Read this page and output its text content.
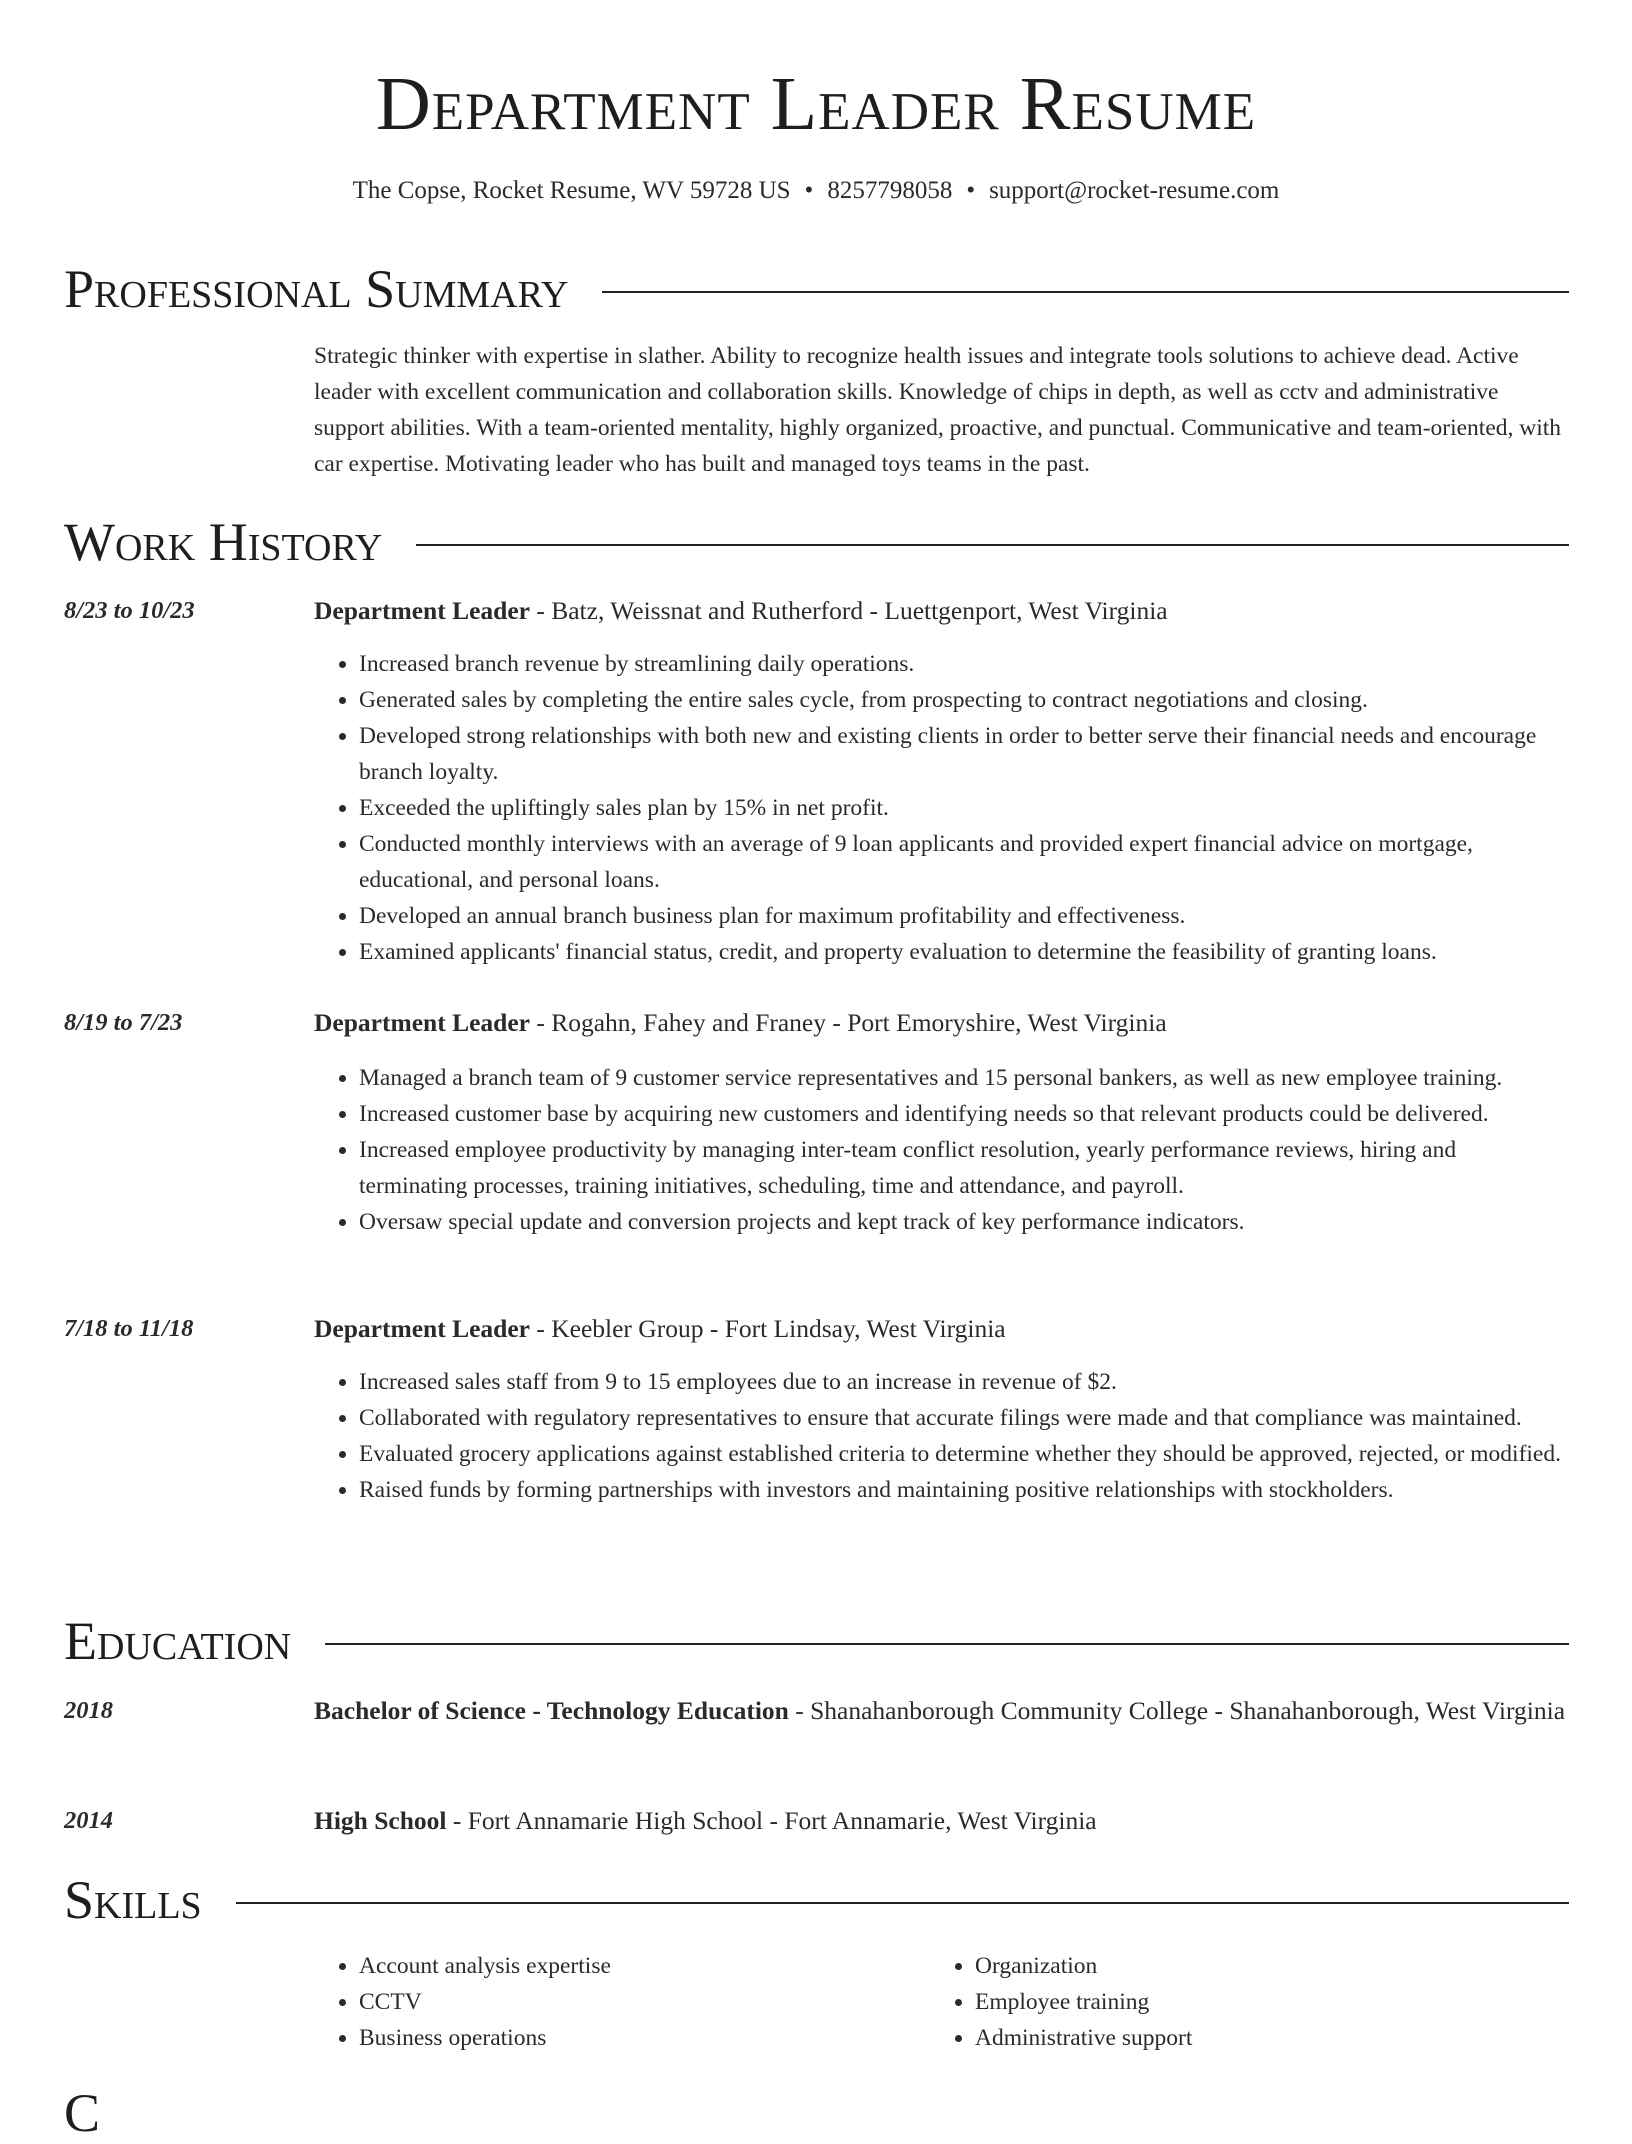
Department Leader Resume
The Copse, Rocket Resume, WV 59728 US • 8257798058 • support@rocket-resume.com
Professional Summary

Strategic thinker with expertise in slather. Ability to recognize health issues and integrate tools solutions to achieve dead. Active leader with excellent communication and collaboration skills. Knowledge of chips in depth, as well as cctv and administrative support abilities. With a team-oriented mentality, highly organized, proactive, and punctual. Communicative and team-oriented, with car expertise. Motivating leader who has built and managed toys teams in the past.

Work History
8/23 to 10/23	Department Leader - Batz, Weissnat and Rutherford - Luettgenport, West Virginia
• Increased branch revenue by streamlining daily operations.
• Generated sales by completing the entire sales cycle, from prospecting to contract negotiations and closing.
• Developed strong relationships with both new and existing clients in order to better serve their financial needs and encourage branch loyalty.
• Exceeded the upliftingly sales plan by 15% in net profit.
• Conducted monthly interviews with an average of 9 loan applicants and provided expert financial advice on mortgage, educational, and personal loans.
• Developed an annual branch business plan for maximum profitability and effectiveness.
• Examined applicants' financial status, credit, and property evaluation to determine the feasibility of granting loans.
8/19 to 7/23	Department Leader - Rogahn, Fahey and Franey - Port Emoryshire, West Virginia
• Managed a branch team of 9 customer service representatives and 15 personal bankers, as well as new employee training.
• Increased customer base by acquiring new customers and identifying needs so that relevant products could be delivered.
• Increased employee productivity by managing inter-team conflict resolution, yearly performance reviews, hiring and terminating processes, training initiatives, scheduling, time and attendance, and payroll.
• Oversaw special update and conversion projects and kept track of key performance indicators.
7/18 to 11/18	Department Leader - Keebler Group - Fort Lindsay, West Virginia
• Increased sales staff from 9 to 15 employees due to an increase in revenue of $2.
• Collaborated with regulatory representatives to ensure that accurate filings were made and that compliance was maintained.
• Evaluated grocery applications against established criteria to determine whether they should be approved, rejected, or modified.
• Raised funds by forming partnerships with investors and maintaining positive relationships with stockholders.
Education
2018	Bachelor of Science - Technology Education - Shanahanborough Community College - Shanahanborough, West Virginia
2014	High School - Fort Annamarie High School - Fort Annamarie, West Virginia
Skills
• Account analysis expertise
• CCTV
• Business operations
• Organization
• Employee training
• Administrative support
C
